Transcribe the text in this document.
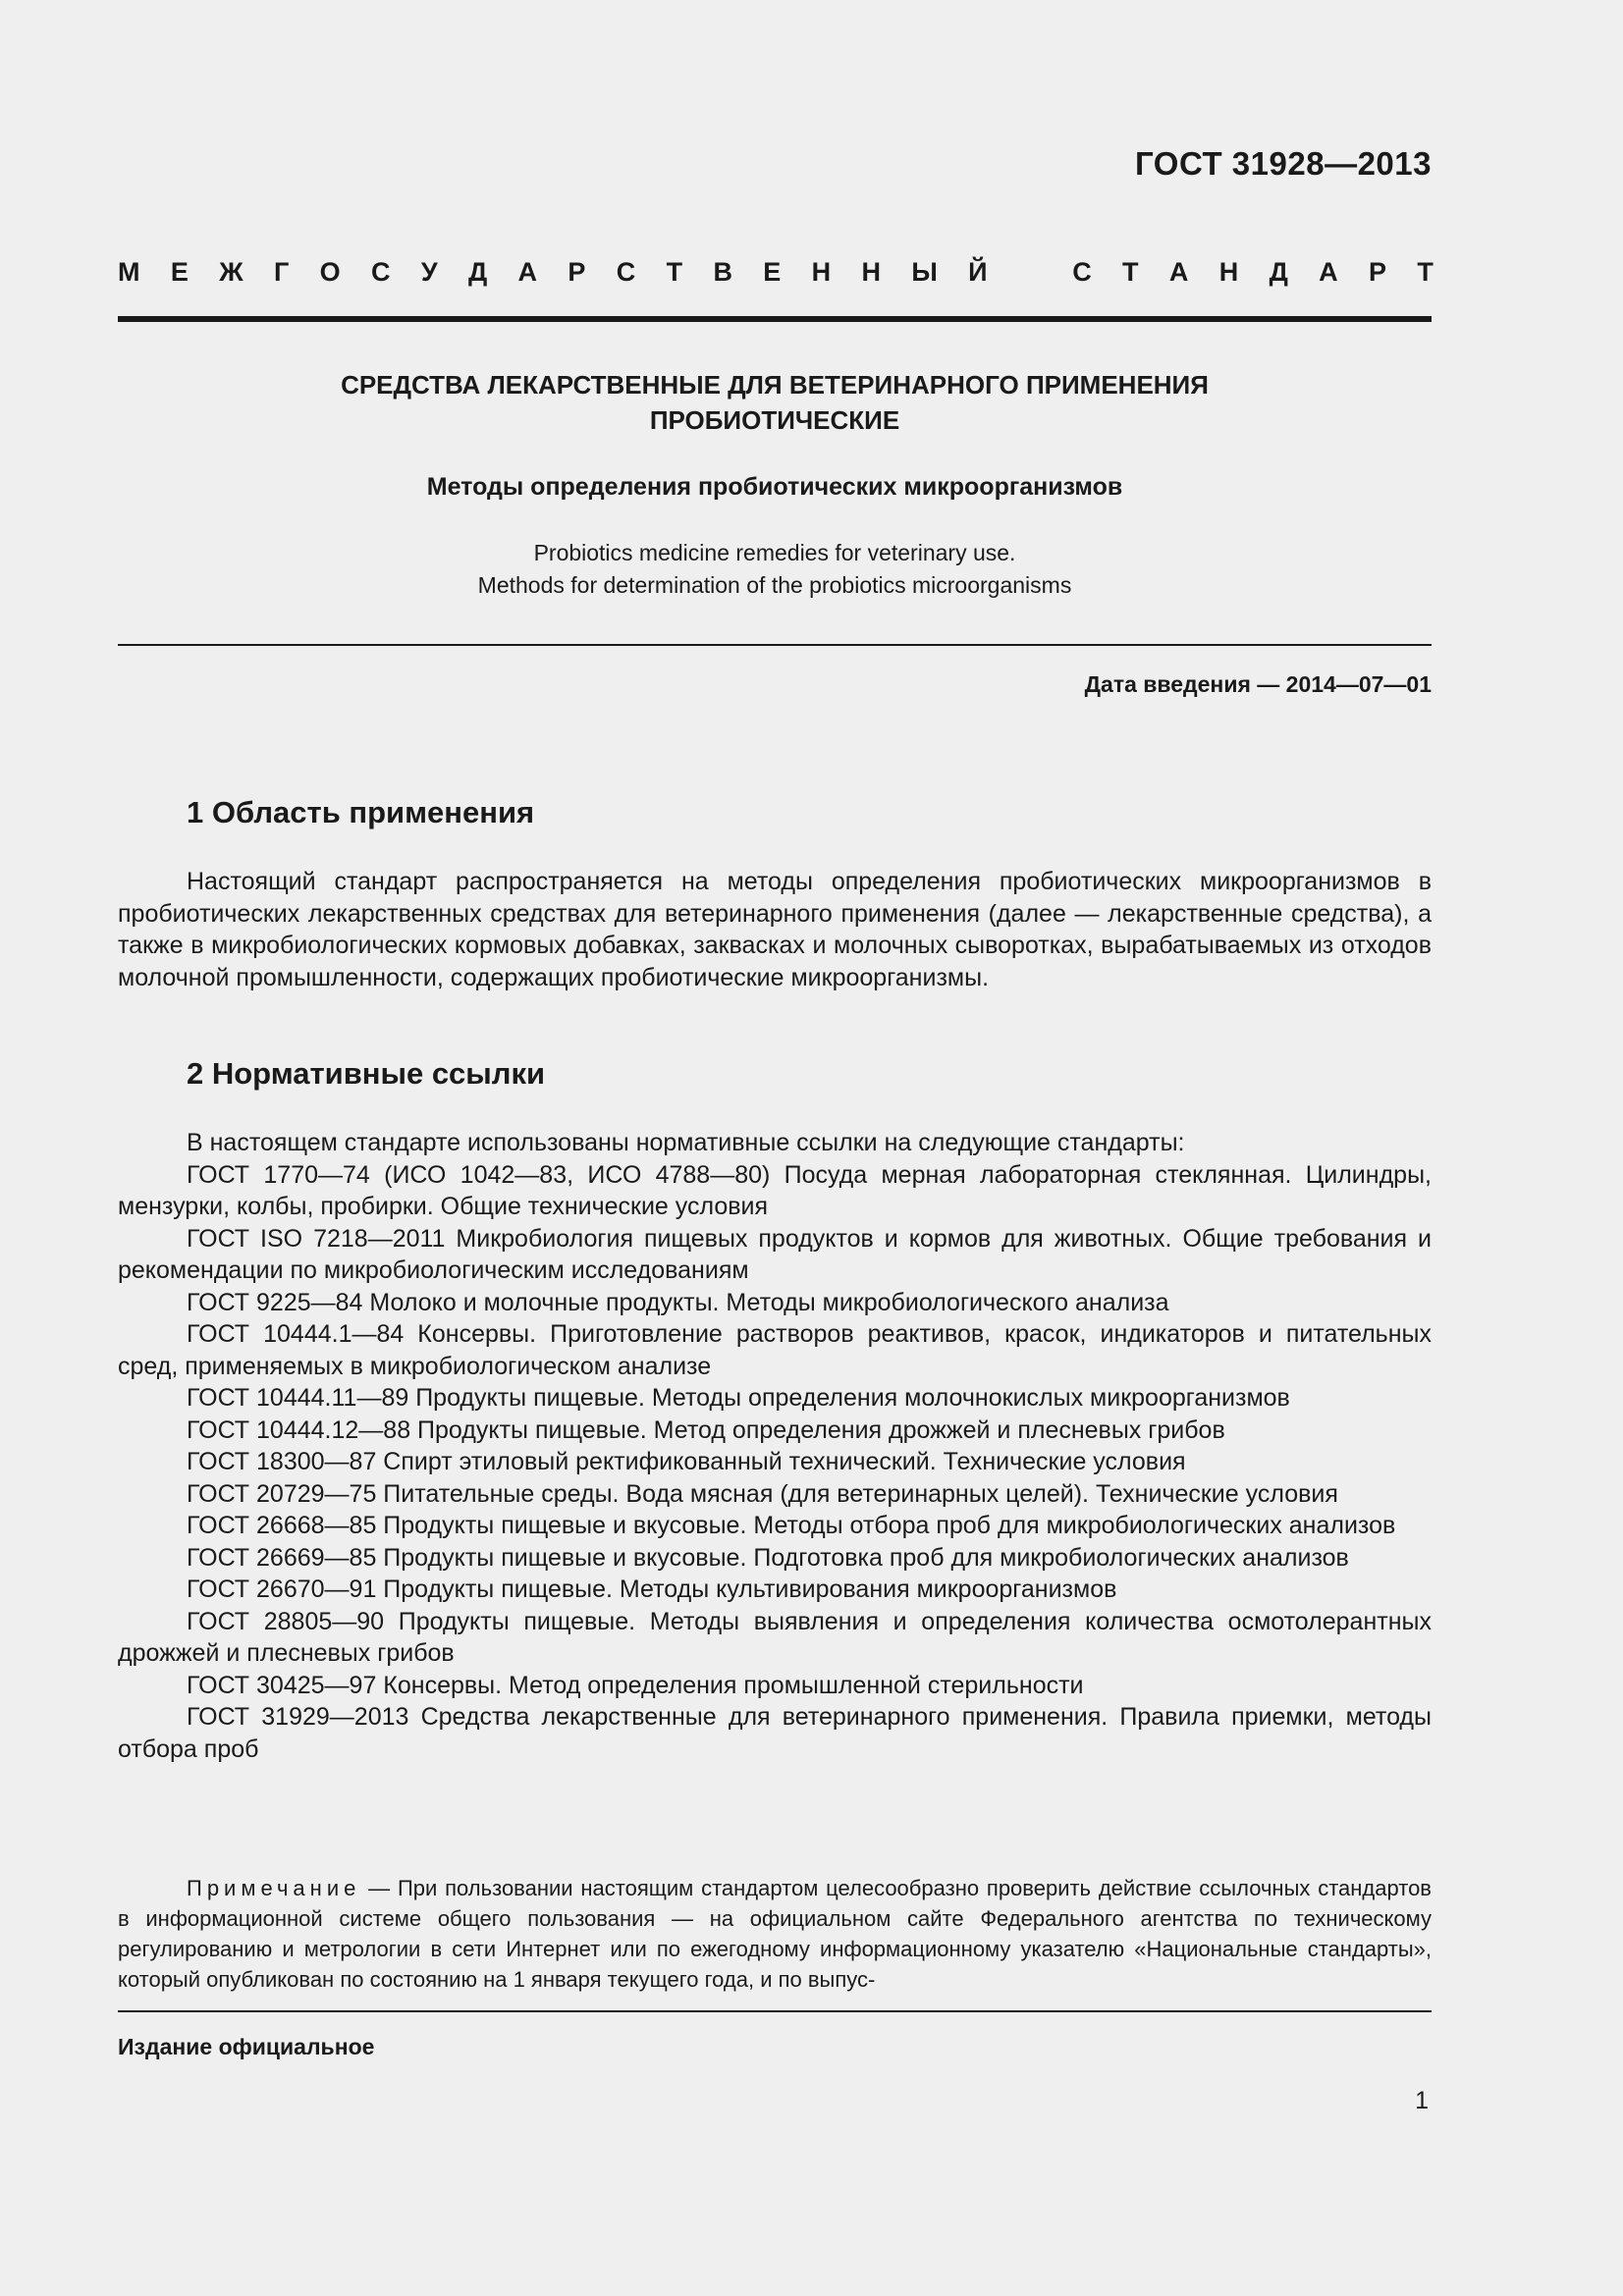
ГОСТ 31928—2013
М Е Ж Г О С У Д А Р С Т В Е Н Н Ы Й	С Т А Н Д А Р Т
СРЕДСТВА ЛЕКАРСТВЕННЫЕ ДЛЯ ВЕТЕРИНАРНОГО ПРИМЕНЕНИЯ
ПРОБИОТИЧЕСКИЕ
Методы определения пробиотических микроорганизмов
Probiotics medicine remedies for veterinary use.
Methods for determination of the probiotics microorganisms
Дата введения — 2014—07—01
1 Область применения

Настоящий стандарт распространяется на методы определения пробиотических микроорганизмов в пробиотических лекарственных средствах для ветеринарного применения (далее — лекарственные средства), а также в микробиологических кормовых добавках, заквасках и молочных сыворотках, вырабатываемых из отходов молочной промышленности, содержащих пробиотические микроорганизмы.

2 Нормативные ссылки

В настоящем стандарте использованы нормативные ссылки на следующие стандарты:

ГОСТ 1770—74 (ИСО 1042—83, ИСО 4788—80) Посуда мерная лабораторная стеклянная. Цилиндры, мензурки, колбы, пробирки. Общие технические условия

ГОСТ ISO 7218—2011 Микробиология пищевых продуктов и кормов для животных. Общие требования и рекомендации по микробиологическим исследованиям

ГОСТ 9225—84 Молоко и молочные продукты. Методы микробиологического анализа

ГОСТ 10444.1—84 Консервы. Приготовление растворов реактивов, красок, индикаторов и питательных сред, применяемых в микробиологическом анализе

ГОСТ 10444.11—89 Продукты пищевые. Методы определения молочнокислых микроорганизмов

ГОСТ 10444.12—88 Продукты пищевые. Метод определения дрожжей и плесневых грибов

ГОСТ 18300—87 Спирт этиловый ректификованный технический. Технические условия

ГОСТ 20729—75 Питательные среды. Вода мясная (для ветеринарных целей). Технические условия

ГОСТ 26668—85 Продукты пищевые и вкусовые. Методы отбора проб для микробиологических анализов

ГОСТ 26669—85 Продукты пищевые и вкусовые. Подготовка проб для микробиологических анализов

ГОСТ 26670—91 Продукты пищевые. Методы культивирования микроорганизмов

ГОСТ 28805—90 Продукты пищевые. Методы выявления и определения количества осмотолерантных дрожжей и плесневых грибов

ГОСТ 30425—97 Консервы. Метод определения промышленной стерильности

ГОСТ 31929—2013 Средства лекарственные для ветеринарного применения. Правила приемки, методы отбора проб

Примечание — При пользовании настоящим стандартом целесообразно проверить действие ссылочных стандартов в информационной системе общего пользования — на официальном сайте Федерального агентства по техническому регулированию и метрологии в сети Интернет или по ежегодному информационному указателю «Национальные стандарты», который опубликован по состоянию на 1 января текущего года, и по выпус-
Издание официальное
1
